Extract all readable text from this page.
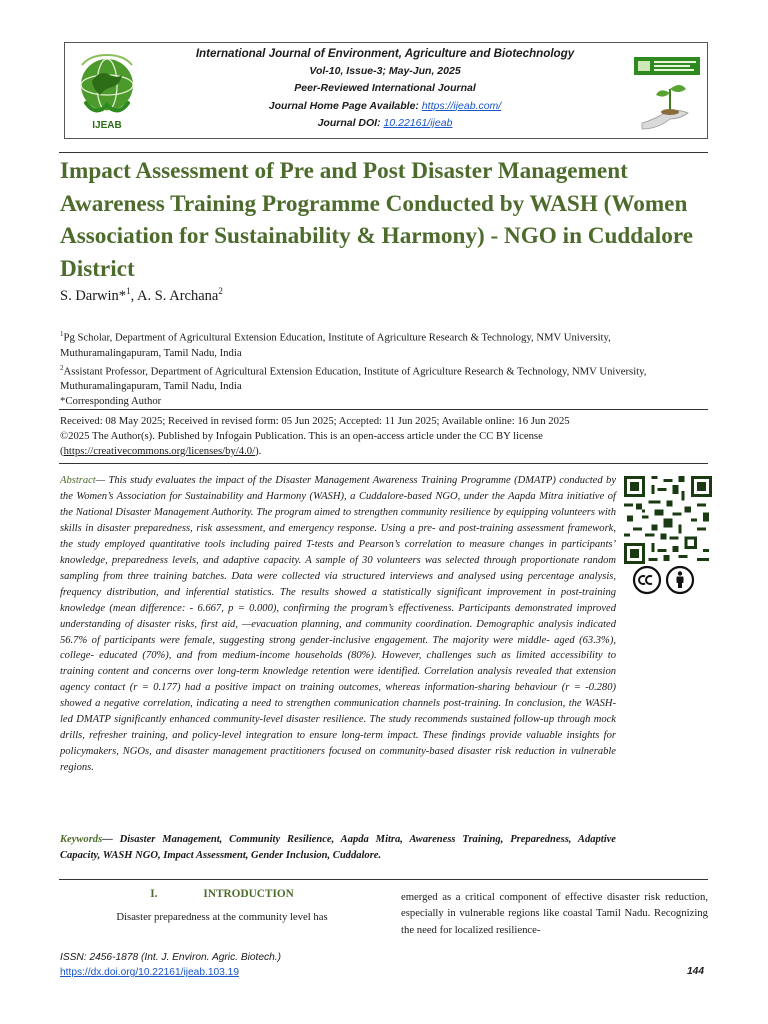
IJEAB
International Journal of Environment, Agriculture and Biotechnology
Vol-10, Issue-3; May-Jun, 2025
Peer-Reviewed International Journal
Journal Home Page Available: https://ijeab.com/
Journal DOI: 10.22161/ijeab
Impact Assessment of Pre and Post Disaster Management Awareness Training Programme Conducted by WASH (Women Association for Sustainability & Harmony) - NGO in Cuddalore District
S. Darwin*$^1$, A. S. Archana$^2$

$^1$Pg Scholar, Department of Agricultural Extension Education, Institute of Agriculture Research & Technology, NMV University, Muthuramalingapuram, Tamil Nadu, India

$^2$Assistant Professor, Department of Agricultural Extension Education, Institute of Agriculture Research & Technology, NMV University, Muthuramalingapuram, Tamil Nadu, India

*Corresponding Author

Received: 08 May 2025; Received in revised form: 05 Jun 2025; Accepted: 11 Jun 2025; Available online: 16 Jun 2025
©2025 The Author(s). Published by Infogain Publication. This is an open-access article under the CC BY license
(https://creativecommons.org/licenses/by/4.0/).
Abstract— This study evaluates the impact of the Disaster Management Awareness Training Programme (DMATP) conducted by the Women’s Association for Sustainability and Harmony (WASH), a Cuddalore-based NGO, under the Aapda Mitra initiative of the National Disaster Management Authority. The program aimed to strengthen community resilience by equipping volunteers with skills in disaster preparedness, risk assessment, and emergency response. Using a pre- and post-training assessment framework, the study employed quantitative tools including paired T-tests and Pearson’s correlation to measure changes in participants’ knowledge, preparedness levels, and adaptive capacity. A sample of 30 volunteers was selected through proportionate random sampling from three training batches. Data were collected via structured interviews and analysed using percentage analysis, frequency distribution, and inferential statistics. The results showed a statistically significant improvement in post-training knowledge (mean difference: - 6.667, p = 0.000), confirming the program’s effectiveness. Participants demonstrated improved understanding of disaster risks, first aid, —evacuation planning, and community coordination. Demographic analysis indicated 56.7% of participants were female, suggesting strong gender-inclusive engagement. The majority were middle- aged (63.3%), college- educated (70%), and from medium-income households (80%). However, challenges such as limited accessibility to training content and concerns over long-term knowledge retention were identified. Correlation analysis revealed that extension agency contact (r = 0.177) had a positive impact on training outcomes, whereas information-sharing behaviour (r = -0.280) showed a negative correlation, indicating a need to strengthen communication channels post-training. In conclusion, the WASH-led DMATP significantly enhanced community-level disaster resilience. The study recommends sustained follow-up through mock drills, refresher training, and policy-level integration to ensure long-term impact. These findings provide valuable insights for policymakers, NGOs, and disaster management practitioners focused on community-based disaster risk reduction in vulnerable regions.
Keywords— Disaster Management, Community Resilience, Aapda Mitra, Awareness Training, Preparedness, Adaptive Capacity, WASH NGO, Impact Assessment, Gender Inclusion, Cuddalore.
I.	INTRODUCTION
Disaster preparedness at the community level has
emerged as a critical component of effective disaster risk reduction, especially in vulnerable regions like coastal Tamil Nadu. Recognizing the need for localized resilience-
ISSN: 2456-1878 (Int. J. Environ. Agric. Biotech.)
https://dx.doi.org/10.22161/ijeab.103.19	144
